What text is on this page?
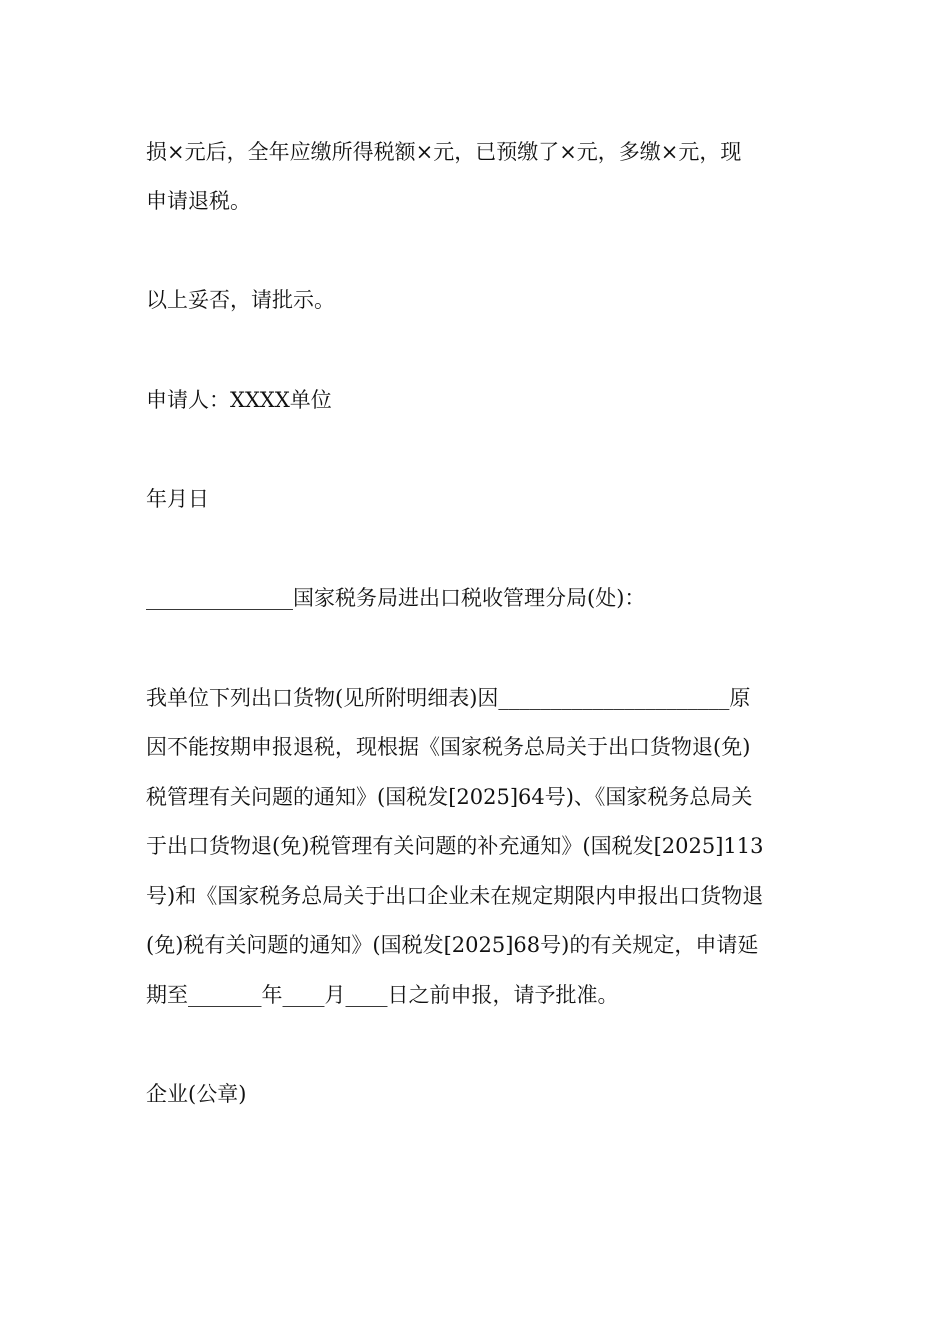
损×元后，全年应缴所得税额×元，已预缴了×元，多缴×元，现
申请退税。
以上妥否，请批示。
申请人：XXXX单位
年月日
______________国家税务局进出口税收管理分局(处)：
我单位下列出口货物(见所附明细表)因______________________原
因不能按期申报退税，现根据《国家税务总局关于出口货物退(免)
税管理有关问题的通知》(国税发[2025]64号)、《国家税务总局关
于出口货物退(免)税管理有关问题的补充通知》(国税发[2025]113
号)和《国家税务总局关于出口企业未在规定期限内申报出口货物退
(免)税有关问题的通知》(国税发[2025]68号)的有关规定，申请延
期至_______年____月____日之前申报，请予批准。
企业(公章)
